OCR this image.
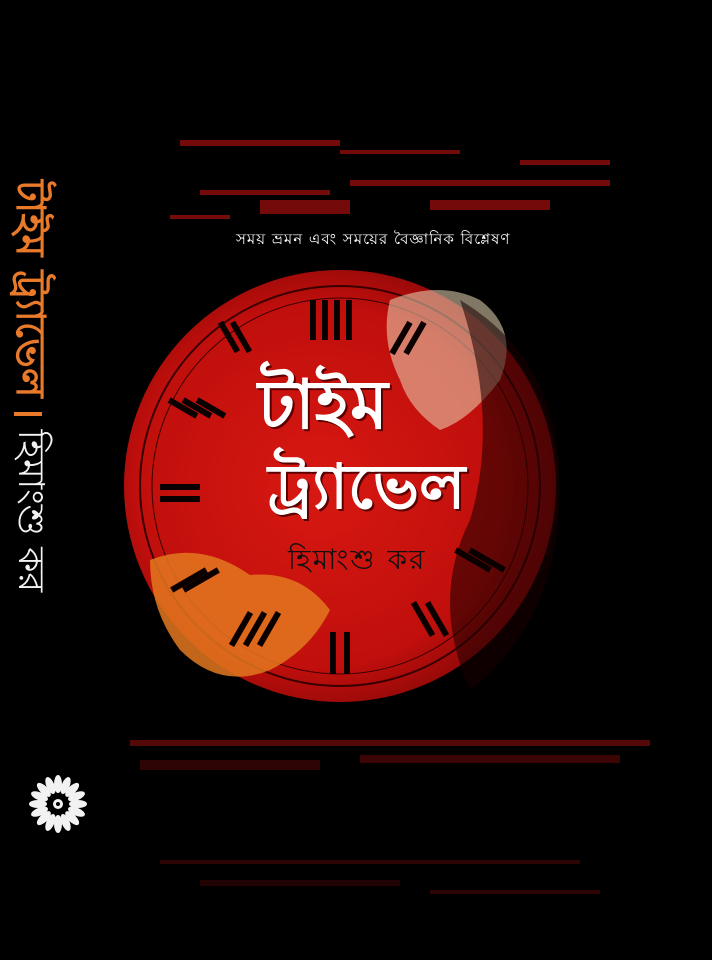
টাইম ট্র্যাভেল
হিমাংশু কর
সময় ভ্রমন এবং সময়ের বৈজ্ঞানিক বিশ্লেষণ
টাইম
ট্র্যাভেল
হিমাংশু কর
